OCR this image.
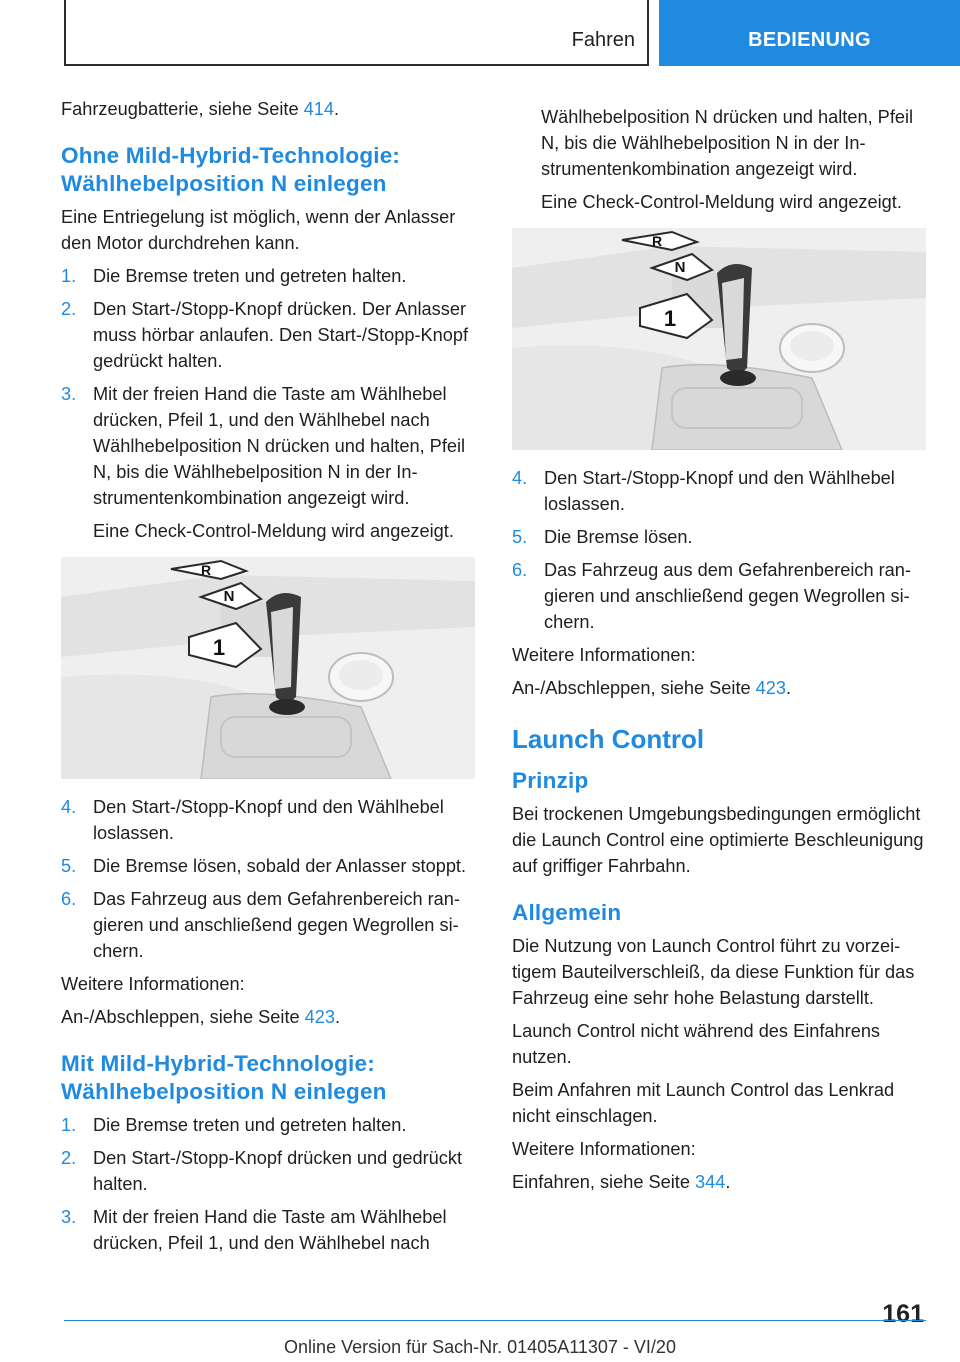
Fahren	BEDIENUNG

Fahrzeugbatterie, siehe Seite 414.

Ohne Mild-Hybrid-Technologie: Wählhebelposition N einlegen

Eine Entriegelung ist möglich, wenn der Anlasser den Motor durchdrehen kann.

1. Die Bremse treten und getreten halten.
2. Den Start-/Stopp-Knopf drücken. Der Anlasser muss hörbar anlaufen. Den Start-/Stopp-Knopf gedrückt halten.
3. Mit der freien Hand die Taste am Wählhebel drücken, Pfeil 1, und den Wählhebel nach Wählhebelposition N drücken und halten, Pfeil N, bis die Wählhebelposition N in der Instrumentenkombination angezeigt wird.
Eine Check-Control-Meldung wird angezeigt.
R
N
1
4. Den Start-/Stopp-Knopf und den Wählhebel loslassen.
5. Die Bremse lösen, sobald der Anlasser stoppt.
6. Das Fahrzeug aus dem Gefahrenbereich rangieren und anschließend gegen Wegrollen sichern.

Weitere Informationen:

An-/Abschleppen, siehe Seite 423.

Mit Mild-Hybrid-Technologie: Wählhebelposition N einlegen
1. Die Bremse treten und getreten halten.
2. Den Start-/Stopp-Knopf drücken und gedrückt halten.
3. Mit der freien Hand die Taste am Wählhebel drücken, Pfeil 1, und den Wählhebel nach

Wählhebelposition N drücken und halten, Pfeil N, bis die Wählhebelposition N in der Instrumentenkombination angezeigt wird.

Eine Check-Control-Meldung wird angezeigt.

R
N
1
4. Den Start-/Stopp-Knopf und den Wählhebel loslassen.
5. Die Bremse lösen.
6. Das Fahrzeug aus dem Gefahrenbereich rangieren und anschließend gegen Wegrollen sichern.

Weitere Informationen:

An-/Abschleppen, siehe Seite 423.

Launch Control
Prinzip

Bei trockenen Umgebungsbedingungen ermöglicht die Launch Control eine optimierte Beschleunigung auf griffiger Fahrbahn.

Allgemein

Die Nutzung von Launch Control führt zu vorzeitigem Bauteilverschleiß, da diese Funktion für das Fahrzeug eine sehr hohe Belastung darstellt.

Launch Control nicht während des Einfahrens nutzen.

Beim Anfahren mit Launch Control das Lenkrad nicht einschlagen.

Weitere Informationen:

Einfahren, siehe Seite 344.

161
Online Version für Sach-Nr. 01405A11307 - VI/20
